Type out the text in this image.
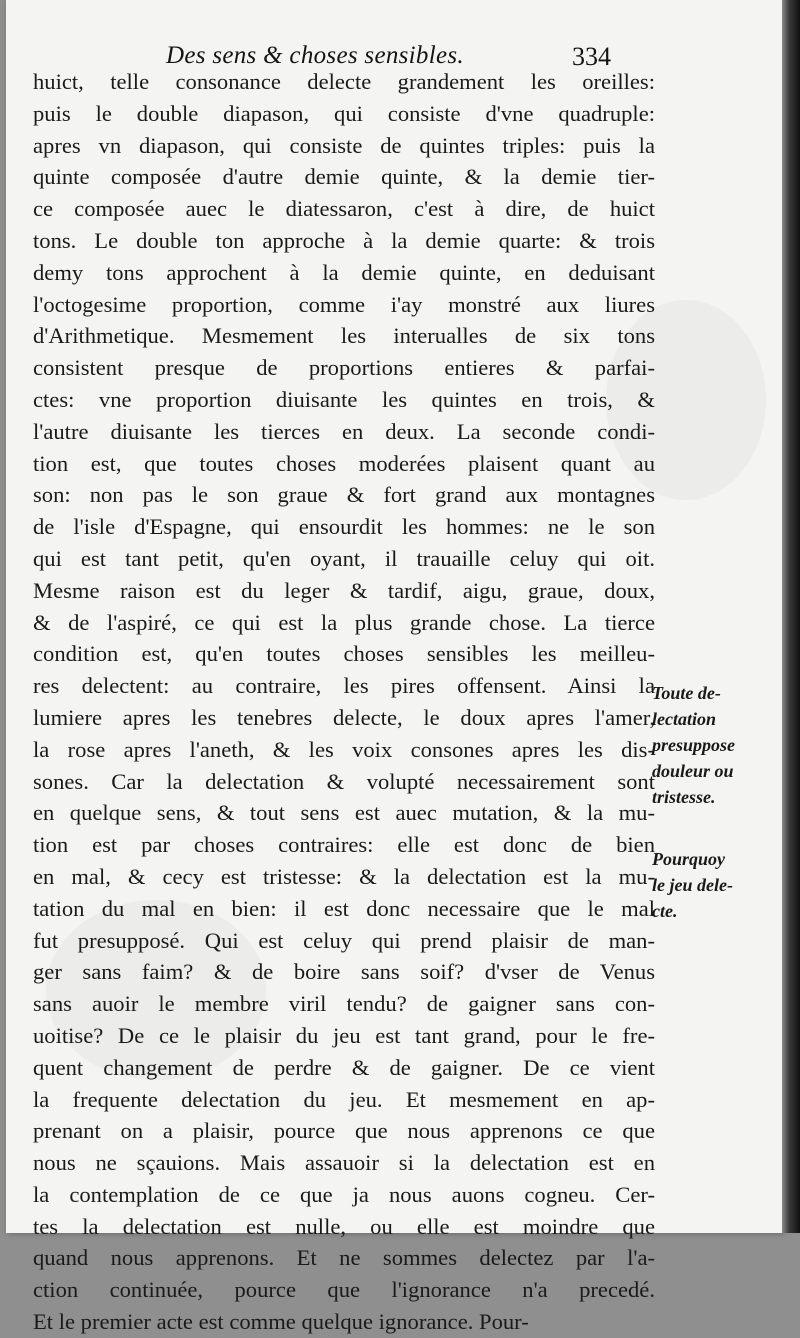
Des sens & choses sensibles.	334
huict, telle consonance delecte grandement les oreilles:
puis le double diapason, qui consiste d'vne quadruple:
apres vn diapason, qui consiste de quintes triples: puis la
quinte composée d'autre demie quinte, & la demie tier-
ce composée auec le diatessaron, c'est à dire, de huict
tons. Le double ton approche à la demie quarte: & trois
demy tons approchent à la demie quinte, en deduisant
l'octogesime proportion, comme i'ay monstré aux liures
d'Arithmetique. Mesmement les interualles de six tons
consistent presque de proportions entieres & parfai-
ctes: vne proportion diuisante les quintes en trois, &
l'autre diuisante les tierces en deux. La seconde condi-
tion est, que toutes choses moderées plaisent quant au
son: non pas le son graue & fort grand aux montagnes
de l'isle d'Espagne, qui ensourdit les hommes: ne le son
qui est tant petit, qu'en oyant, il trauaille celuy qui oit.
Mesme raison est du leger & tardif, aigu, graue, doux,
& de l'aspiré, ce qui est la plus grande chose. La tierce
condition est, qu'en toutes choses sensibles les meilleu-
res delectent: au contraire, les pires offensent. Ainsi la
lumiere apres les tenebres delecte, le doux apres l'amer,
la rose apres l'aneth, & les voix consones apres les dis-
sones. Car la delectation & volupté necessairement sont
en quelque sens, & tout sens est auec mutation, & la mu-
tion est par choses contraires: elle est donc de bien
en mal, & cecy est tristesse: & la delectation est la mu-
tation du mal en bien: il est donc necessaire que le mal
fut presupposé. Qui est celuy qui prend plaisir de man-
ger sans faim? & de boire sans soif? d'vser de Venus
sans auoir le membre viril tendu? de gaigner sans con-
uoitise? De ce le plaisir du jeu est tant grand, pour le fre-
quent changement de perdre & de gaigner. De ce vient
la frequente delectation du jeu. Et mesmement en ap-
prenant on a plaisir, pource que nous apprenons ce que
nous ne sçauions. Mais assauoir si la delectation est en
la contemplation de ce que ja nous auons cogneu. Cer-
tes la delectation est nulle, ou elle est moindre que
quand nous apprenons. Et ne sommes delectez par l'a-
ction continuée, pource que l'ignorance n'a precedé.
Et le premier acte est comme quelque ignorance. Pour-
Toute de-
lectation
presuppose
douleur ou
tristesse.
Pourquoy
le jeu dele-
cte.
